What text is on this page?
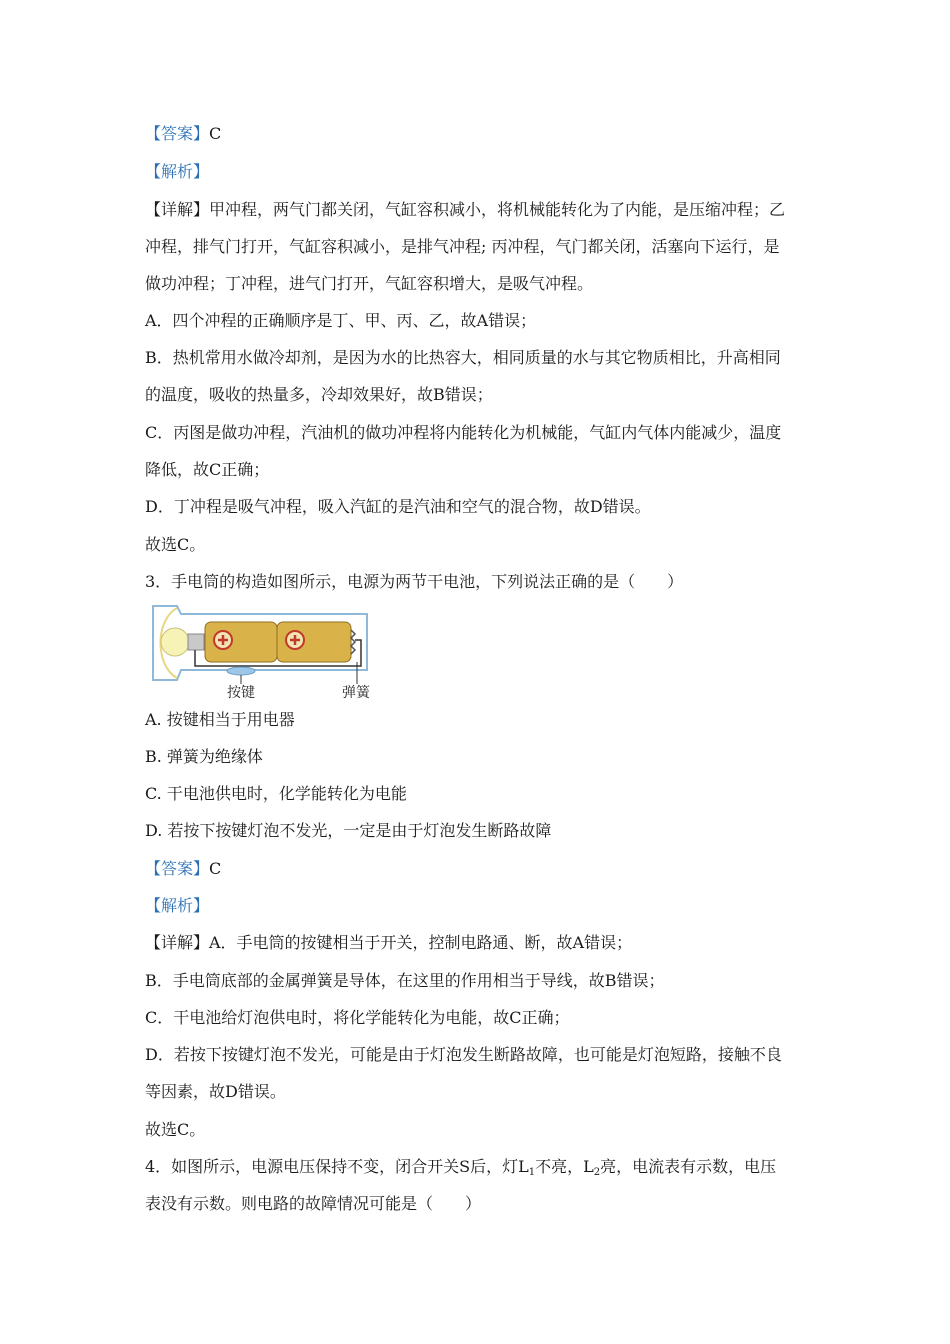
【答案】C
【解析】
【详解】甲冲程，两气门都关闭，气缸容积减小，将机械能转化为了内能，是压缩冲程；乙
冲程，排气门打开，气缸容积减小，是排气冲程; 丙冲程，气门都关闭，活塞向下运行，是
做功冲程；丁冲程，进气门打开，气缸容积增大，是吸气冲程。
A．四个冲程的正确顺序是丁、甲、丙、乙，故A错误；
B．热机常用水做冷却剂，是因为水的比热容大，相同质量的水与其它物质相比，升高相同
的温度，吸收的热量多，冷却效果好，故B错误；
C．丙图是做功冲程，汽油机的做功冲程将内能转化为机械能，气缸内气体内能减少，温度
降低，故C正确；
D．丁冲程是吸气冲程，吸入汽缸的是汽油和空气的混合物，故D错误。
故选C。
3．手电筒的构造如图所示，电源为两节干电池，下列说法正确的是（　　）
按键	弹簧
A. 按键相当于用电器
B. 弹簧为绝缘体
C. 干电池供电时，化学能转化为电能
D. 若按下按键灯泡不发光，一定是由于灯泡发生断路故障
【答案】C
【解析】
【详解】A．手电筒的按键相当于开关，控制电路通、断，故A错误；
B．手电筒底部的金属弹簧是导体，在这里的作用相当于导线，故B错误；
C．干电池给灯泡供电时，将化学能转化为电能，故C正确；
D．若按下按键灯泡不发光，可能是由于灯泡发生断路故障，也可能是灯泡短路，接触不良
等因素，故D错误。
故选C。
4．如图所示，电源电压保持不变，闭合开关S后，灯$L_1$不亮，$L_2$亮，电流表有示数，电压
表没有示数。则电路的故障情况可能是（　　）
